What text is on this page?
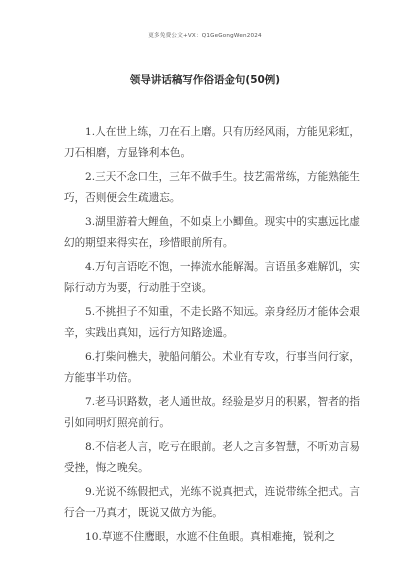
更多免费公文+VX：Q1GeGongWen2024
领导讲话稿写作俗语金句(50例)

1.人在世上练，刀在石上磨。只有历经风雨，方能见彩虹，刀石相磨，方显锋利本色。

2.三天不念口生，三年不做手生。技艺需常练，方能熟能生巧，否则便会生疏遗忘。

3.湖里游着大鲤鱼，不如桌上小鲫鱼。现实中的实惠远比虚幻的期望来得实在，珍惜眼前所有。

4.万句言语吃不饱，一捧流水能解渴。言语虽多难解饥，实际行动方为要，行动胜于空谈。

5.不挑担子不知重，不走长路不知远。亲身经历才能体会艰辛，实践出真知，远行方知路途遥。

6.打柴问樵夫，驶船问艄公。术业有专攻，行事当问行家，方能事半功倍。

7.老马识路数，老人通世故。经验是岁月的积累，智者的指引如同明灯照亮前行。

8.不信老人言，吃亏在眼前。老人之言多智慧，不听劝言易受挫，悔之晚矣。

9.光说不练假把式，光练不说真把式，连说带练全把式。言行合一乃真才，既说又做方为能。

10.草遮不住鹰眼，水遮不住鱼眼。真相难掩，锐利之
